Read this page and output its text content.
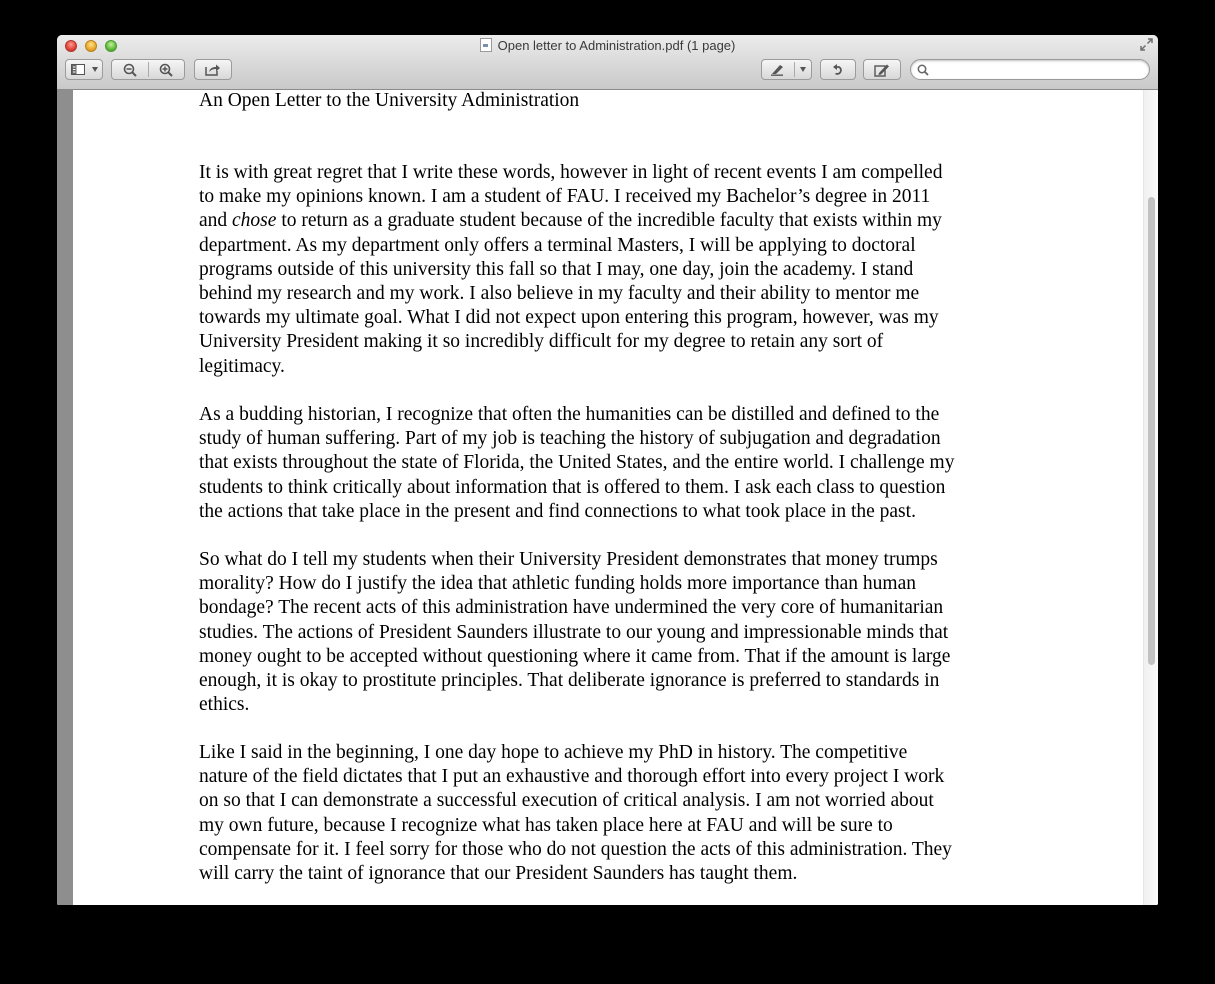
Open letter to Administration.pdf (1 page)
An Open Letter to the University Administration
It is with great regret that I write these words, however in light of recent events I am compelled
to make my opinions known. I am a student of FAU. I received my Bachelor’s degree in 2011
and chose to return as a graduate student because of the incredible faculty that exists within my
department. As my department only offers a terminal Masters, I will be applying to doctoral
programs outside of this university this fall so that I may, one day, join the academy. I stand
behind my research and my work. I also believe in my faculty and their ability to mentor me
towards my ultimate goal. What I did not expect upon entering this program, however, was my
University President making it so incredibly difficult for my degree to retain any sort of
legitimacy.
As a budding historian, I recognize that often the humanities can be distilled and defined to the
study of human suffering. Part of my job is teaching the history of subjugation and degradation
that exists throughout the state of Florida, the United States, and the entire world. I challenge my
students to think critically about information that is offered to them. I ask each class to question
the actions that take place in the present and find connections to what took place in the past.
So what do I tell my students when their University President demonstrates that money trumps
morality? How do I justify the idea that athletic funding holds more importance than human
bondage? The recent acts of this administration have undermined the very core of humanitarian
studies. The actions of President Saunders illustrate to our young and impressionable minds that
money ought to be accepted without questioning where it came from. That if the amount is large
enough, it is okay to prostitute principles. That deliberate ignorance is preferred to standards in
ethics.
Like I said in the beginning, I one day hope to achieve my PhD in history. The competitive
nature of the field dictates that I put an exhaustive and thorough effort into every project I work
on so that I can demonstrate a successful execution of critical analysis. I am not worried about
my own future, because I recognize what has taken place here at FAU and will be sure to
compensate for it. I feel sorry for those who do not question the acts of this administration. They
will carry the taint of ignorance that our President Saunders has taught them.
